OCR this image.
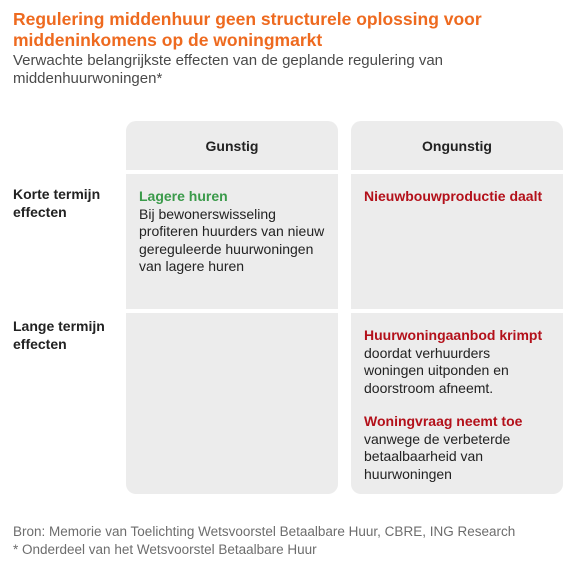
Regulering middenhuur geen structurele oplossing voor middeninkomens op de woningmarkt
Verwachte belangrijkste effecten van de geplande regulering van middenhuurwoningen*
Gunstig	Ongunstig
Korte termijn effecten
Lange termijn effecten
Lagere huren
Bij bewonerswisseling profiteren huurders van nieuw gereguleerde huurwoningen van lagere huren
Nieuwbouwproductie daalt
Huurwoningaanbod krimpt
doordat verhuurders woningen uitponden en doorstroom afneemt.
Woningvraag neemt toe
vanwege de verbeterde betaalbaarheid van huurwoningen
Bron: Memorie van Toelichting Wetsvoorstel Betaalbare Huur, CBRE, ING Research
* Onderdeel van het Wetsvoorstel Betaalbare Huur
